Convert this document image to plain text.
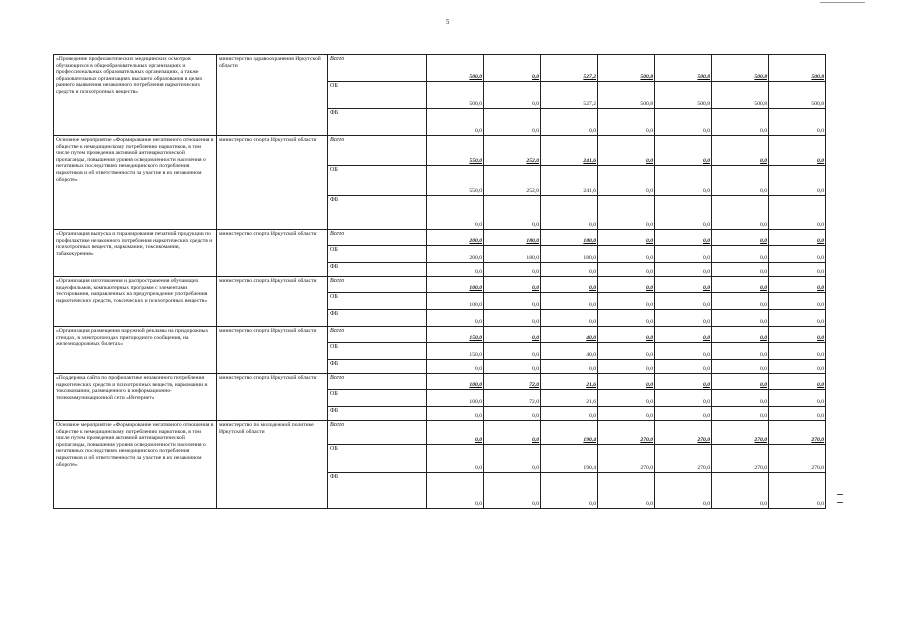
5
«Проведение профилактических медицинских осмотров обучающихся в общеобразовательных организациях и профессиональных образовательных организациях, а также образовательных организациях высшего образования в целях раннего выявления незаконного потребления наркотических средств и психотропных веществ»	министерство здравоохранения Иркутской области	Всего	500,0	0,0	527,2	500,8	500,8	500,8	500,8
		ОБ	500,0	0,0	527,2	500,8	500,8	500,8	500,8
		ФБ	0,0	0,0	0,0	0,0	0,0	0,0	0,0
Основное мероприятие «Формирование негативного отношения в обществе к немедицинскому потреблению наркотиков, в том числе путем проведения активной антинаркотической пропаганды, повышения уровня осведомленности населения о негативных последствиях немедицинского потребления наркотиков и об ответственности за участие в их незаконном обороте»	министерство спорта Иркутской области	Всего	550,0	252,0	241,6	0,0	0,0	0,0	0,0
		ОБ	550,0	252,0	241,6	0,0	0,0	0,0	0,0
		ФБ	0,0	0,0	0,0	0,0	0,0	0,0	0,0
«Организация выпуска и тиражирования печатной продукции по профилактике незаконного потребления наркотических средств и психотропных веществ, наркомании, токсикомании, табакокурения»	министерство спорта Иркутской области	Всего	200,0	180,0	180,0	0,0	0,0	0,0	0,0
		ОБ	200,0	180,0	180,0	0,0	0,0	0,0	0,0
		ФБ	0,0	0,0	0,0	0,0	0,0	0,0	0,0
«Организация изготовления и распространения обучающих видеофильмов, компьютерных программ с элементами тестирования, направленных на предупреждение употребления наркотических средств, токсических и психотропных веществ»	министерство спорта Иркутской области	Всего	100,0	0,0	0,0	0,0	0,0	0,0	0,0
		ОБ	100,0	0,0	0,0	0,0	0,0	0,0	0,0
		ФБ	0,0	0,0	0,0	0,0	0,0	0,0	0,0
«Организация размещения наружной рекламы на придорожных стендах, в электропоездах пригородного сообщения, на железнодорожных билетах»	министерство спорта Иркутской области	Всего	150,0	0,0	40,0	0,0	0,0	0,0	0,0
		ОБ	150,0	0,0	40,0	0,0	0,0	0,0	0,0
		ФБ	0,0	0,0	0,0	0,0	0,0	0,0	0,0
«Поддержка сайта по профилактике незаконного потребления наркотических средств и психотропных веществ, наркомании и токсикомании, размещенного в информационно-телекоммуникационной сети «Интернет»	министерство спорта Иркутской области	Всего	100,0	72,0	21,6	0,0	0,0	0,0	0,0
		ОБ	100,0	72,0	21,6	0,0	0,0	0,0	0,0
		ФБ	0,0	0,0	0,0	0,0	0,0	0,0	0,0
Основное мероприятие «Формирование негативного отношения в обществе к немедицинскому потреблению наркотиков, в том числе путем проведения активной антинаркотической пропаганды, повышения уровня осведомленности населения о негативных последствиях немедицинского потребления наркотиков и об ответственности за участие в их незаконном обороте»	министерство по молодежной политике Иркутской области	Всего	0,0	0,0	190,4	270,0	270,0	270,0	270,0
		ОБ	0,0	0,0	190,4	270,0	270,0	270,0	270,0
		ФБ	0,0	0,0	0,0	0,0	0,0	0,0	0,0
